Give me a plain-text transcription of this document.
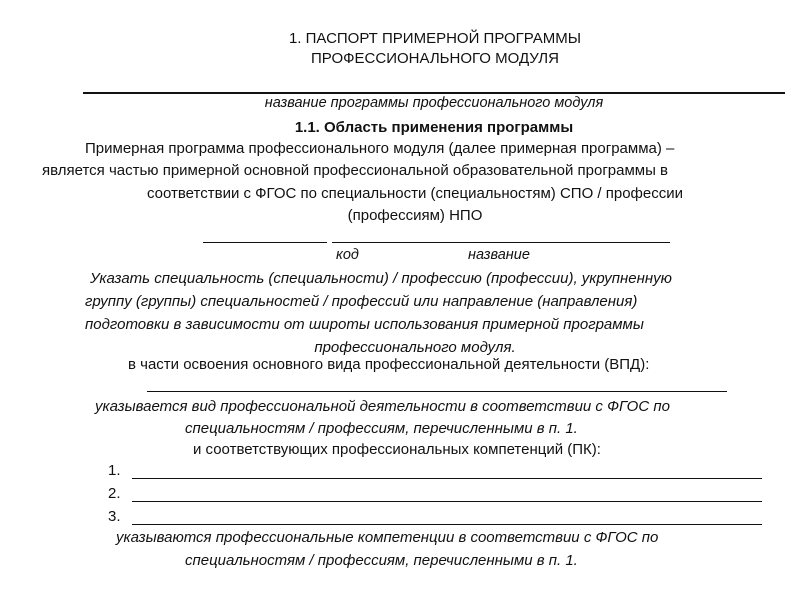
1. ПАСПОРТ ПРИМЕРНОЙ ПРОГРАММЫ
ПРОФЕССИОНАЛЬНОГО МОДУЛЯ
название программы профессионального модуля
1.1. Область применения программы
Примерная программа профессионального модуля (далее примерная программа) –
является частью примерной основной профессиональной образовательной программы в
соответствии с ФГОС по специальности (специальностям) СПО / профессии
(профессиям) НПО
код	название
Указать специальность (специальности) / профессию (профессии), укрупненную
группу (группы) специальностей / профессий или направление (направления)
подготовки в зависимости от широты использования примерной программы
профессионального модуля.
в части освоения основного вида профессиональной деятельности (ВПД):
указывается вид профессиональной деятельности в соответствии с ФГОС по
специальностям / профессиям, перечисленными в п. 1.
и соответствующих профессиональных компетенций (ПК):
1.
2.
3.
указываются профессиональные компетенции в соответствии с ФГОС по
специальностям / профессиям, перечисленными в п. 1.
